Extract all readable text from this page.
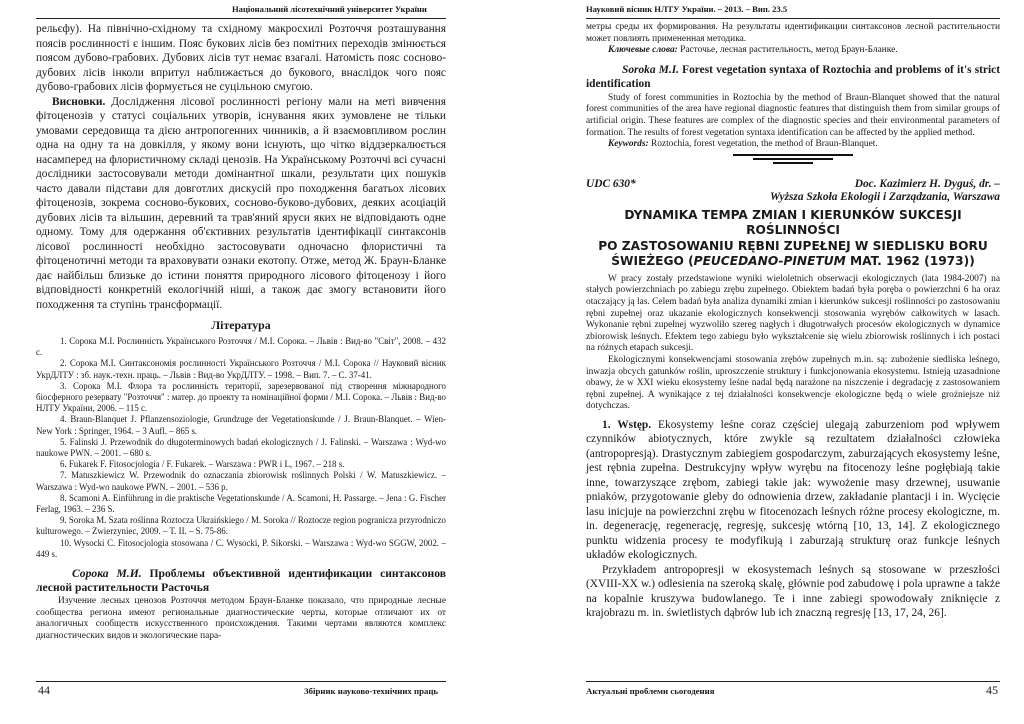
Національний лісотехнічний університет України

рельєфу). На північно-східному та східному макросхилі Розточчя розташування поясів рослинності є іншим. Пояс букових лісів без помітних переходів змінюється поясом дубово-грабових. Дубових лісів тут немає взагалі. Натомість пояс сосново-дубових лісів інколи впритул наближається до букового, внаслідок чого пояс дубово-грабових лісів формується не суцільною смугою.

Висновки. Дослідження лісової рослинності регіону мали на меті вивчення фітоценозів у статусі соціальних утворів, існування яких зумовлене не тільки умовами середовища та дією антропогенних чинників, а й взаємовпливом рослин одна на одну та на довкілля, у якому вони існують, що чітко віддзеркалюється насамперед на флористичному складі ценозів. На Українському Розточчі всі сучасні дослідники застосовували методи домінантної шкали, результати цих пошуків часто давали підстави для довготлих дискусій про походження багатьох лісових фітоценозів, зокрема сосново-букових, сосново-буково-дубових, деяких асоціацій дубових лісів та вільшин, деревний та трав'яний яруси яких не відповідають одне одному. Тому для одержання об'єктивних результатів ідентифікації синтаксонів лісової рослинності необхідно застосовувати одночасно флористичні та фітоценотичні методи та враховувати ознаки екотопу. Отже, метод Ж. Браун-Бланке дає найбільш близьке до істини поняття природного лісового фітоценозу і його відповідності конкретній екологічній ніші, а також дає змогу встановити його походження та ступінь трансформації.

Література

1. Сорока М.І. Рослинність Українського Розточчя / М.І. Сорока. – Львів : Вид-во "Світ", 2008. – 432 с.

2. Сорока М.І. Синтаксономія рослинності Українського Розточчя / М.І. Сорока // Науковий вісник УкрДЛТУ : зб. наук.-техн. праць. – Львів : Вид-во УкрДЛТУ. – 1998. – Вип. 7. – С. 37-41.

3. Сорока М.І. Флора та рослинність території, зарезервованої під створення міжнародного біосферного резервату "Розточчя" : матер. до проекту та номінаційної форми / М.І. Сорока. – Львів : Вид-во НЛТУ України, 2006. – 115 с.

4. Braun-Blanquet J. Pflanzensoziologie, Grundzuge der Vegetationskunde / J. Braun-Blanquet. – Wien-New York : Springer, 1964. – 3 Aufl. – 865 s.

5. Falinski J. Przewodnik do długoterminowych badań ekologicznych / J. Falinski. – Warszawa : Wyd-wo naukowe PWN. – 2001. – 680 s.

6. Fukarek F. Fitosocjologia / F. Fukarek. – Warszawa : PWR i L, 1967. – 218 s.

7. Matuszkiewicz W. Przewodnik do oznaczania zbiorowisk roślinnych Polski / W. Matuszkiewicz. – Warszawa : Wyd-wo naukowe PWN. – 2001. – 536 p.

8. Scamoni A. Einführung in die praktische Vegetationskunde / A. Scamoni, H. Passarge. – Jena : G. Fischer Ferlag, 1963. – 236 S.

9. Soroka M. Szata roślinna Roztocza Ukraińskiego / M. Soroka // Roztocze region pogranicza przyrodniczo kulturowego. – Zwierzyniec, 2009. – T. II. – S. 75-86.

10. Wysocki C. Fitosocjologia stosowana / C. Wysocki, P. Sikorski. – Warszawa : Wyd-wo SGGW, 2002. – 449 s.

Сорока М.И. Проблемы объективной идентификации синтаксонов лесной растительности Расточья

Изучение лесных ценозов Розточчя методом Браун-Бланке показало, что природные лесные сообщества региона имеют региональные диагностические черты, которые отличают их от аналогичных сообществ искусственного происхождения. Такими чертами являются комплекс диагностических видов и экологические пара-

44	Збірник науково-технічних праць
Науковий вісник НЛТУ України. – 2013. – Вип. 23.5

метры среды их формирования. На результаты идентификации синтаксонов лесной растительности может повлиять примененная методика.

Ключевые слова: Расточье, лесная растительность, метод Браун-Бланке.

Soroka M.I. Forest vegetation syntaxa of Roztochia and problems of it's strict identification

Study of forest communities in Roztochia by the method of Braun-Blanquet showed that the natural forest communities of the area have regional diagnostic features that distinguish them from similar groups of artificial origin. These features are complex of the diagnostic species and their environmental parameters of formation. The results of forest vegetation syntaxa identification can be affected by the applied method.

Keywords: Roztochia, forest vegetation, the method of Braun-Blanquet.

UDC 630*	Doc. Kazimierz H. Dyguś, dr. –
Wyższa Szkoła Ekologii i Zarządzania, Warszawa
DYNAMIKA TEMPA ZMIAN I KIERUNKÓW SUKCESJI ROŚLINNOŚCI
PO ZASTOSOWANIU RĘBNI ZUPEŁNEJ W SIEDLISKU BORU
ŚWIEŻEGO (PEUCEDANO-PINETUM MAT. 1962 (1973))

W pracy zostały przedstawione wyniki wieloletnich obserwacji ekologicznych (lata 1984-2007) na stałych powierzchniach po zabiegu zrębu zupełnego. Obiektem badań była poręba o powierzchni 6 ha oraz otaczający ją las. Celem badań była analiza dynamiki zmian i kierunków sukcesji roślinności po zastosowaniu rębni zupełnej oraz ukazanie ekologicznych konsekwencji stosowania wyrębów całkowitych w lasach. Wykonanie rębni zupełnej wyzwoliło szereg nagłych i długotrwałych procesów ekologicznych w dynamice zbiorowisk leśnych. Efektem tego zabiegu było wykształcenie się wielu zbiorowisk roślinnych i ich postaci na różnych etapach sukcesji.

Ekologicznymi konsekwencjami stosowania zrębów zupełnych m.in. są: zubożenie siedliska leśnego, inwazja obcych gatunków roślin, uproszczenie struktury i funkcjonowania ekosystemu. Istnieją uzasadnione obawy, że w XXI wieku ekosystemy leśne nadal będą narażone na niszczenie i degradację z zastosowaniem rębni zupełnej. A wynikające z tej działalności konsekwencje ekologiczne będą o wiele groźniejsze niż dotychczas.

1. Wstęp. Ekosystemy leśne coraz częściej ulegają zaburzeniom pod wpływem czynników abiotycznych, które zwykle są rezultatem działalności człowieka (antropopresją). Drastycznym zabiegiem gospodarczym, zaburzających ekosystemy leśne, jest rębnia zupełna. Destrukcyjny wpływ wyrębu na fitocenozy leśne pogłębiają takie inne, towarzyszące zrębom, zabiegi takie jak: wywożenie masy drzewnej, usuwanie pniaków, przygotowanie gleby do odnowienia drzew, zakładanie plantacji i in. Wycięcie lasu inicjuje na powierzchni zrębu w fitocenozach leśnych różne procesy ekologiczne, m. in. degenerację, regenerację, regresję, sukcesję wtórną [10, 13, 14]. Z ekologicznego punktu widzenia procesy te modyfikują i zaburzają strukturę oraz funkcje leśnych układów ekologicznych.

Przykładem antropopresji w ekosystemach leśnych są stosowane w przeszłości (XVIII-XX w.) odlesienia na szeroką skalę, głównie pod zabudowę i pola uprawne a także na kopalnie kruszywa budowlanego. Te i inne zabiegi spowodowały zniknięcie z krajobrazu m. in. świetlistych dąbrów lub ich znaczną regresję [13, 17, 24, 26].

Актуальні проблеми сьогодення	45
